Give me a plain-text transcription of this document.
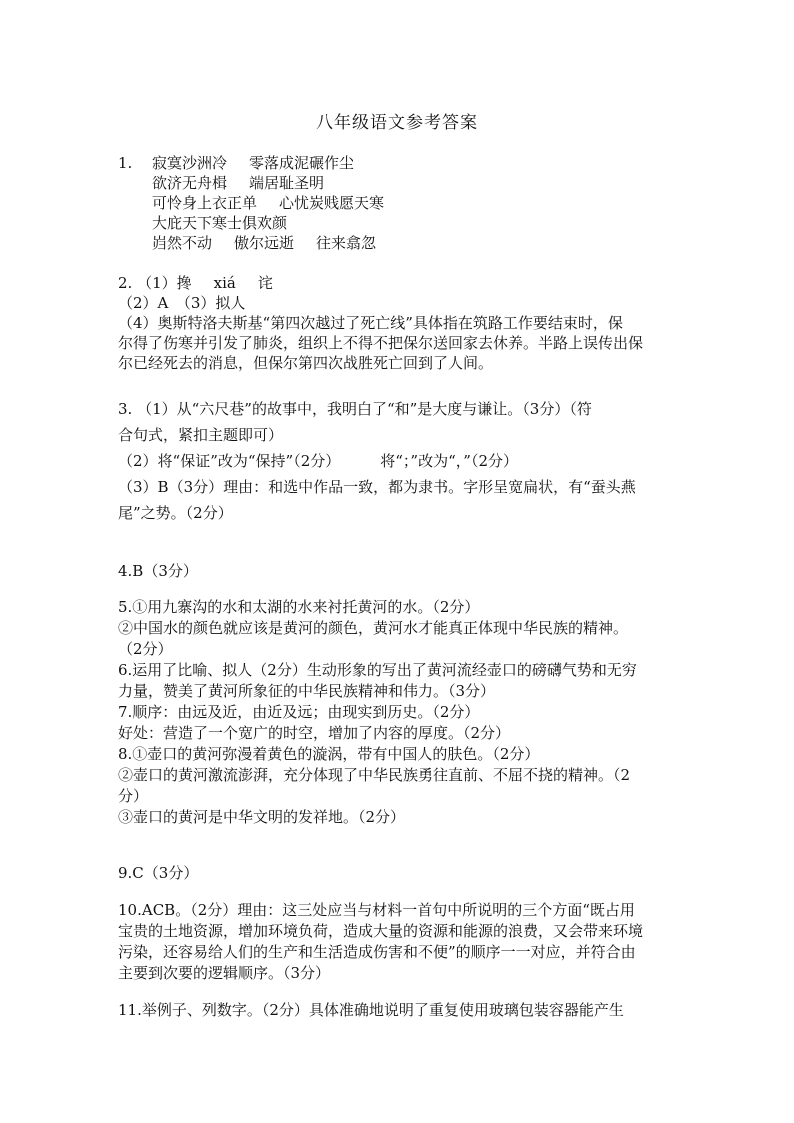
八年级语文参考答案
1. 寂寞沙洲冷 零落成泥碾作尘
欲济无舟楫 端居耻圣明
可怜身上衣正单 心忧炭贱愿天寒
大庇天下寒士俱欢颜
岿然不动 傲尔远逝 往来翕忽
2. （1）搀 xiá 诧
（2）A　（3）拟人
（4）奥斯特洛夫斯基“第四次越过了死亡线”具体指在筑路工作要结束时，保
尔得了伤寒并引发了肺炎，组织上不得不把保尔送回家去休养。半路上误传出保
尔已经死去的消息，但保尔第四次战胜死亡回到了人间。
3. （1）从“六尺巷”的故事中，我明白了“和”是大度与谦让。（3分）（符
合句式，紧扣主题即可）
（2）将“保证”改为“保持”（2分）	将“；”改为“，”（2分）
（3）B（3分）理由：和选中作品一致，都为隶书。字形呈宽扁状，有“蚕头燕
尾”之势。（2分）
4.B（3分）
5.①用九寨沟的水和太湖的水来衬托黄河的水。（2分）
②中国水的颜色就应该是黄河的颜色，黄河水才能真正体现中华民族的精神。
（2分）
6.运用了比喻、拟人（2分）生动形象的写出了黄河流经壶口的磅礴气势和无穷
力量，赞美了黄河所象征的中华民族精神和伟力。（3分）
7.顺序：由远及近，由近及远；由现实到历史。（2分）
好处：营造了一个宽广的时空，增加了内容的厚度。（2分）
8.①壶口的黄河弥漫着黄色的漩涡，带有中国人的肤色。（2分）
②壶口的黄河激流澎湃，充分体现了中华民族勇往直前、不屈不挠的精神。（2
分）
③壶口的黄河是中华文明的发祥地。（2分）
9.C（3分）
10.ACB。（2分）理由：这三处应当与材料一首句中所说明的三个方面“既占用
宝贵的土地资源，增加环境负荷，造成大量的资源和能源的浪费，又会带来环境
污染，还容易给人们的生产和生活造成伤害和不便”的顺序一一对应，并符合由
主要到次要的逻辑顺序。（3分）
11.举例子、列数字。（2分）具体准确地说明了重复使用玻璃包装容器能产生
